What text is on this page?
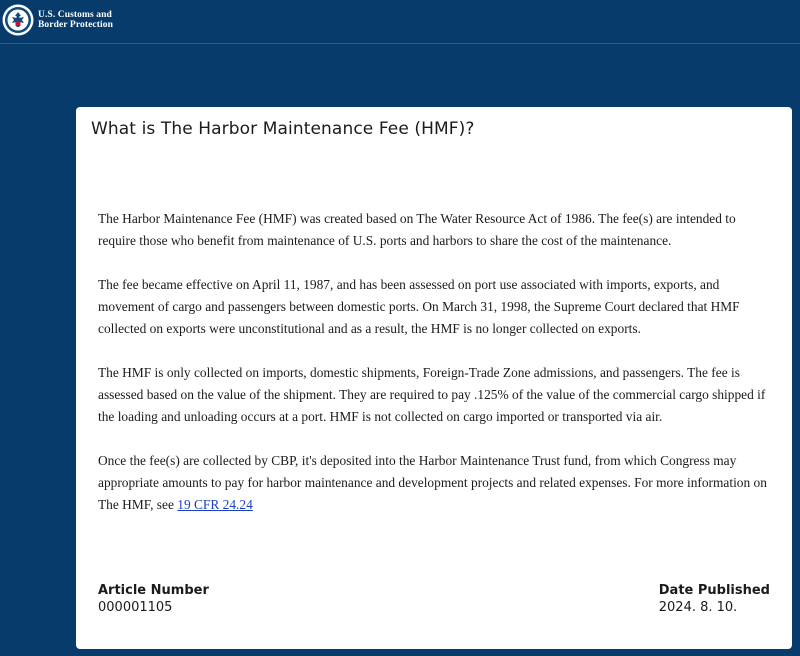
U.S. Customs and
Border Protection
What is The Harbor Maintenance Fee (HMF)?

The Harbor Maintenance Fee (HMF) was created based on The Water Resource Act of 1986. The fee(s) are intended to require those who benefit from maintenance of U.S. ports and harbors to share the cost of the maintenance.

The fee became effective on April 11, 1987, and has been assessed on port use associated with imports, exports, and movement of cargo and passengers between domestic ports. On March 31, 1998, the Supreme Court declared that HMF collected on exports were unconstitutional and as a result, the HMF is no longer collected on exports.

The HMF is only collected on imports, domestic shipments, Foreign-Trade Zone admissions, and passengers. The fee is assessed based on the value of the shipment. They are required to pay .125% of the value of the commercial cargo shipped if the loading and unloading occurs at a port. HMF is not collected on cargo imported or transported via air.

Once the fee(s) are collected by CBP, it's deposited into the Harbor Maintenance Trust fund, from which Congress may appropriate amounts to pay for harbor maintenance and development projects and related expenses. For more information on The HMF, see 19 CFR 24.24

Article Number
000001105
Date Published
2024. 8. 10.
